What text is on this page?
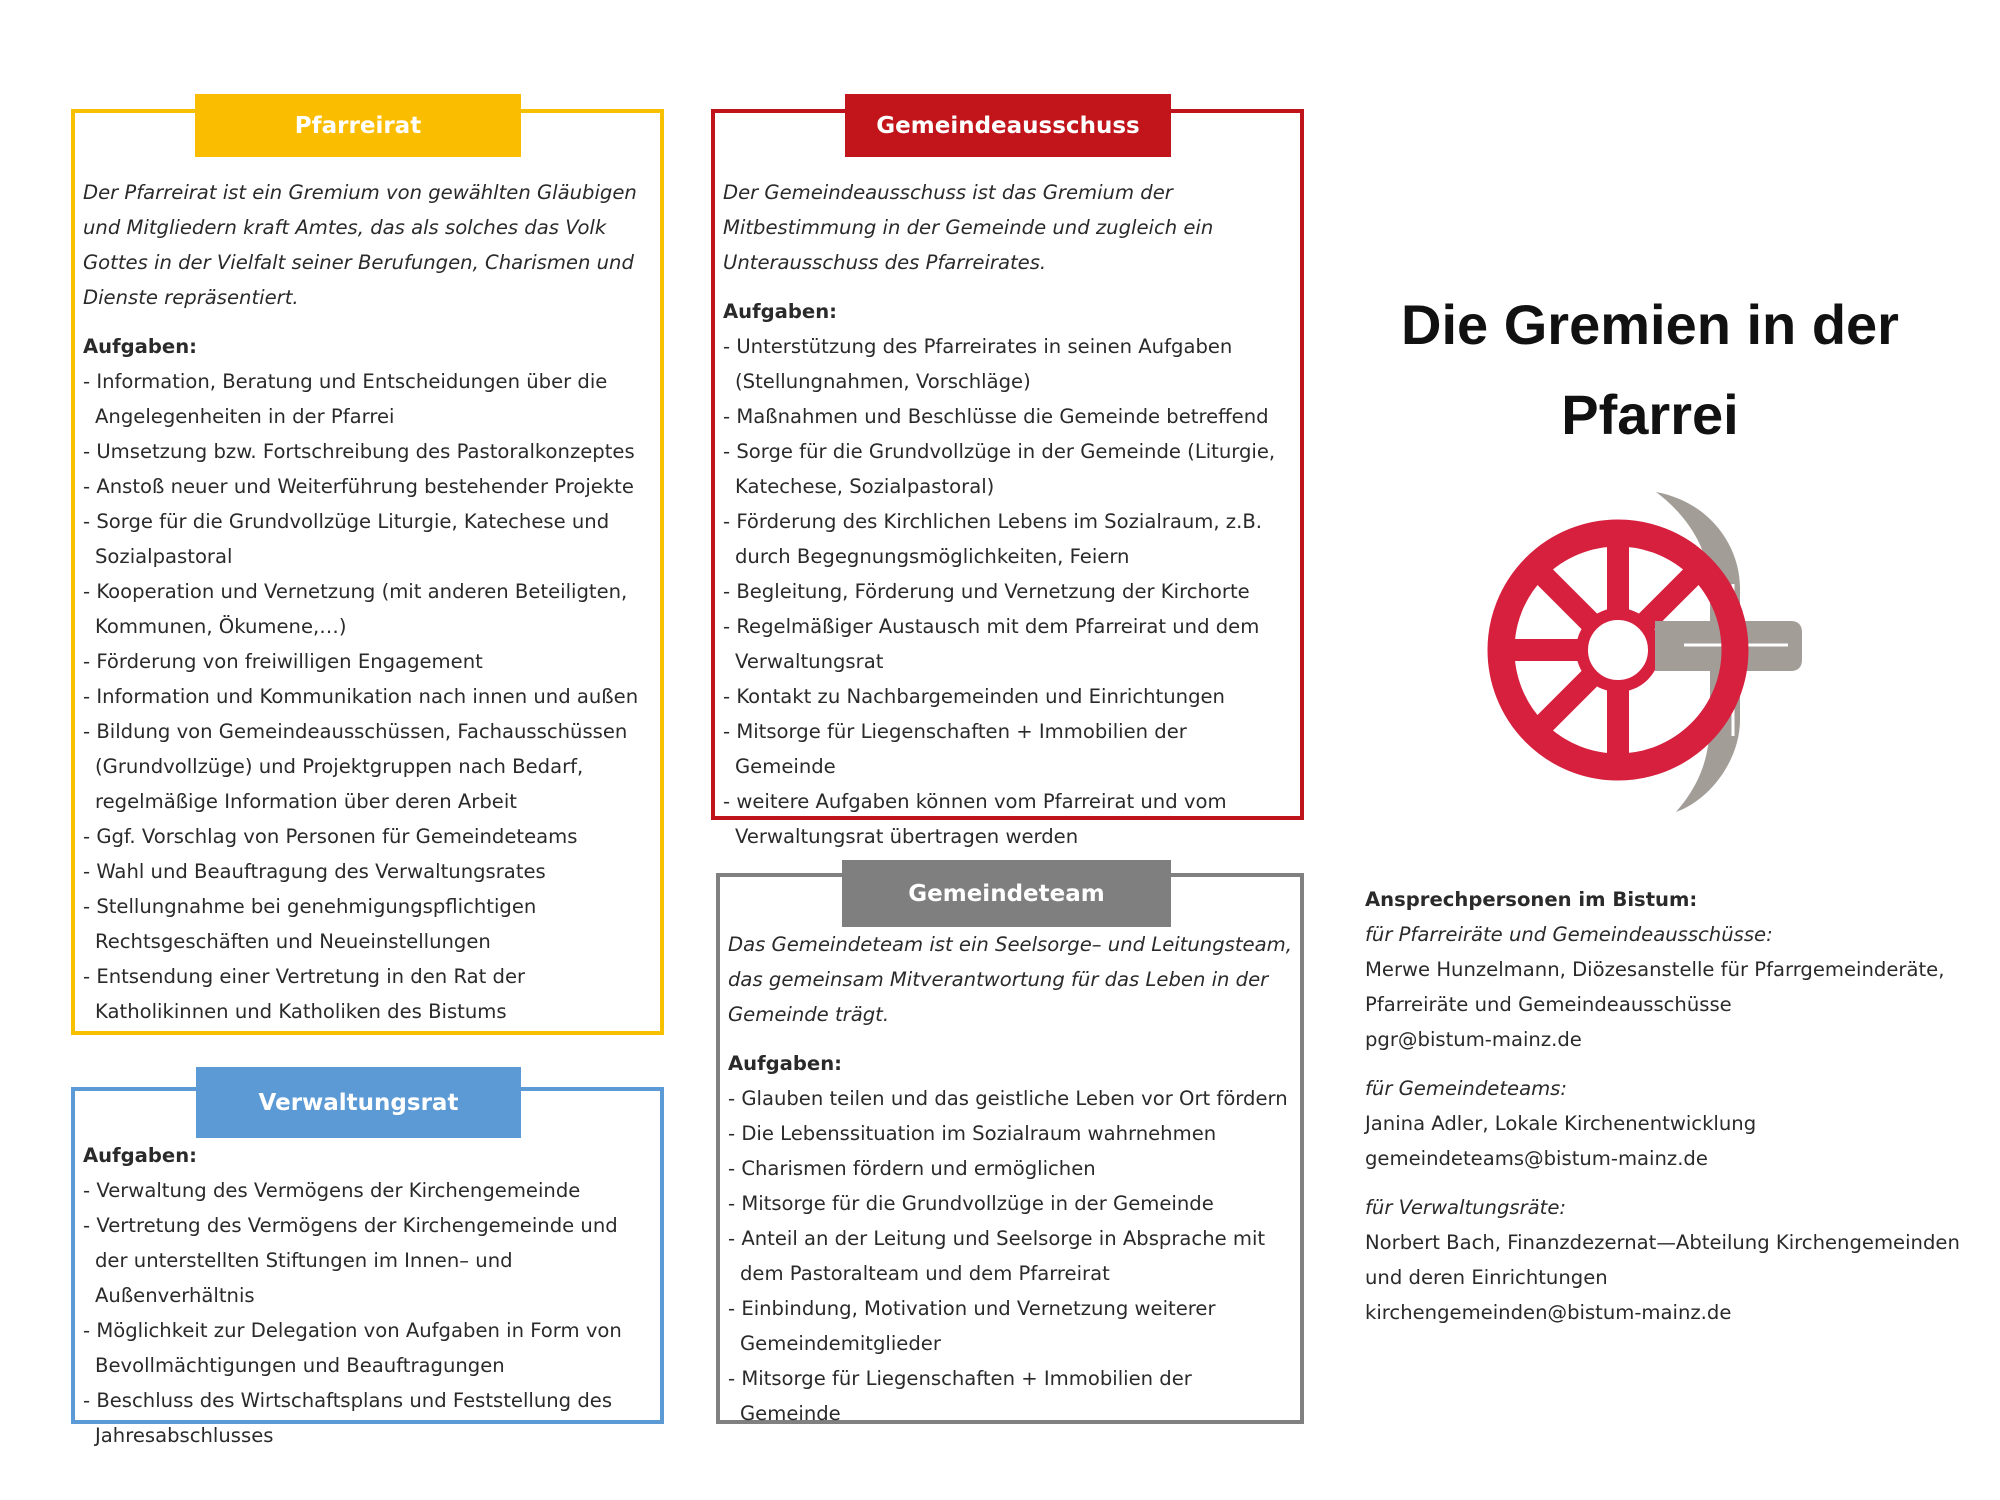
Der Pfarreirat ist ein Gremium von gewählten Gläubigen und Mitgliedern kraft Amtes, das als solches das Volk Gottes in der Vielfalt seiner Berufungen, Charismen und Dienste repräsentiert.

Aufgaben:

- Information, Beratung und Entscheidungen über die Angelegenheiten in der Pfarrei
- Umsetzung bzw. Fortschreibung des Pastoralkonzeptes
- Anstoß neuer und Weiterführung bestehender Projekte
- Sorge für die Grundvollzüge Liturgie, Katechese und Sozialpastoral
- Kooperation und Vernetzung (mit anderen Beteiligten, Kommunen, Ökumene,…)
- Förderung von freiwilligen Engagement
- Information und Kommunikation nach innen und außen
- Bildung von Gemeindeausschüssen, Fachausschüssen (Grundvollzüge) und Projektgruppen nach Bedarf, regelmäßige Information über deren Arbeit
- Ggf. Vorschlag von Personen für Gemeindeteams
- Wahl und Beauftragung des Verwaltungsrates
- Stellungnahme bei genehmigungspflichtigen Rechtsgeschäften und Neueinstellungen
- Entsendung einer Vertretung in den Rat der Katholikinnen und Katholiken des Bistums
Pfarreirat

Aufgaben:

- Verwaltung des Vermögens der Kirchengemeinde
- Vertretung des Vermögens der Kirchengemeinde und der unterstellten Stiftungen im Innen– und Außenverhältnis
- Möglichkeit zur Delegation von Aufgaben in Form von Bevollmächtigungen und Beauftragungen
- Beschluss des Wirtschaftsplans und Feststellung des Jahresabschlusses
Verwaltungsrat

Der Gemeindeausschuss ist das Gremium der Mitbestimmung in der Gemeinde und zugleich ein Unterausschuss des Pfarreirates.

Aufgaben:

- Unterstützung des Pfarreirates in seinen Aufgaben (Stellungnahmen, Vorschläge)
- Maßnahmen und Beschlüsse die Gemeinde betreffend
- Sorge für die Grundvollzüge in der Gemeinde (Liturgie, Katechese, Sozialpastoral)
- Förderung des Kirchlichen Lebens im Sozialraum, z.B. durch Begegnungsmöglichkeiten, Feiern
- Begleitung, Förderung und Vernetzung der Kirchorte
- Regelmäßiger Austausch mit dem Pfarreirat und dem Verwaltungsrat
- Kontakt zu Nachbargemeinden und Einrichtungen
- Mitsorge für Liegenschaften + Immobilien der Gemeinde
- weitere Aufgaben können vom Pfarreirat und vom Verwaltungsrat übertragen werden
Gemeindeausschuss

Das Gemeindeteam ist ein Seelsorge– und Leitungsteam, das gemeinsam Mitverantwortung für das Leben in der Gemeinde trägt.

Aufgaben:

- Glauben teilen und das geistliche Leben vor Ort fördern
- Die Lebenssituation im Sozialraum wahrnehmen
- Charismen fördern und ermöglichen
- Mitsorge für die Grundvollzüge in der Gemeinde
- Anteil an der Leitung und Seelsorge in Absprache mit dem Pastoralteam und dem Pfarreirat
- Einbindung, Motivation und Vernetzung weiterer Gemeindemitglieder
- Mitsorge für Liegenschaften + Immobilien der Gemeinde
Gemeindeteam
Die Gremien in der
Pfarrei

Ansprechpersonen im Bistum:

für Pfarreiräte und Gemeindeausschüsse:

Merwe Hunzelmann, Diözesanstelle für Pfarrgemeinderäte, Pfarreiräte und Gemeindeausschüsse

pgr@bistum-mainz.de

für Gemeindeteams:

Janina Adler, Lokale Kirchenentwicklung

gemeindeteams@bistum-mainz.de

für Verwaltungsräte:

Norbert Bach, Finanzdezernat—Abteilung Kirchengemeinden und deren Einrichtungen

kirchengemeinden@bistum-mainz.de
